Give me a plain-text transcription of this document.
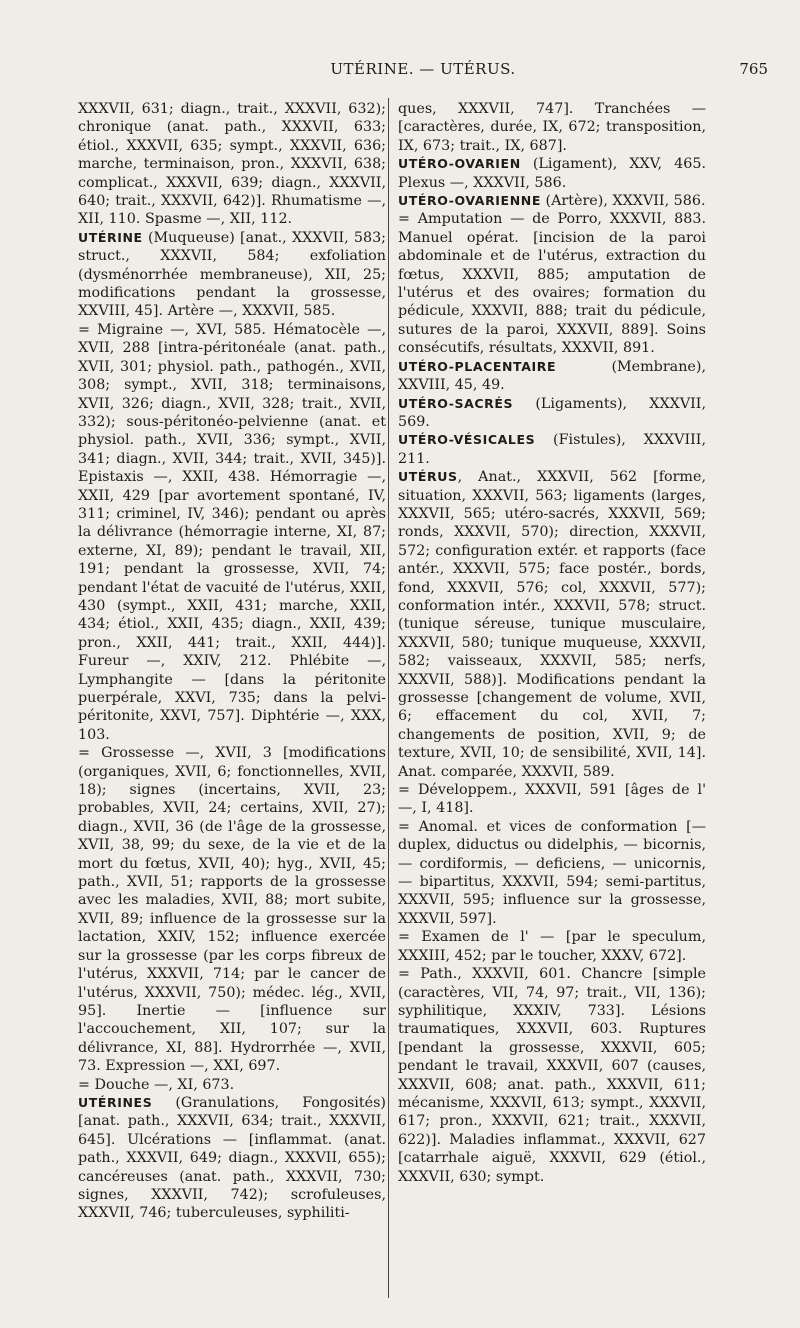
UTÉRINE. — UTÉRUS.	765

XXXVII, 631; diagn., trait., XXXVII, 632); chronique (anat. path., XXXVII, 633; étiol., XXXVII, 635; sympt., XXXVII, 636; marche, terminaison, pron., XXXVII, 638; complicat., XXXVII, 639; diagn., XXXVII, 640; trait., XXXVII, 642)]. Rhumatisme —, XII, 110. Spasme —, XII, 112.

UTÉRINE (Muqueuse) [anat., XXXVII, 583; struct., XXXVII, 584; exfoliation (dysménorrhée membraneuse), XII, 25; modifications pendant la grossesse, XXVIII, 45]. Artère —, XXXVII, 585.

= Migraine —, XVI, 585. Hématocèle —, XVII, 288 [intra-péritonéale (anat. path., XVII, 301; physiol. path., pathogén., XVII, 308; sympt., XVII, 318; terminaisons, XVII, 326; diagn., XVII, 328; trait., XVII, 332); sous-péritonéo-pelvienne (anat. et physiol. path., XVII, 336; sympt., XVII, 341; diagn., XVII, 344; trait., XVII, 345)]. Epistaxis —, XXII, 438. Hémorragie —, XXII, 429 [par avortement spontané, IV, 311; criminel, IV, 346); pendant ou après la délivrance (hémorragie interne, XI, 87; externe, XI, 89); pendant le travail, XII, 191; pendant la grossesse, XVII, 74; pendant l'état de vacuité de l'utérus, XXII, 430 (sympt., XXII, 431; marche, XXII, 434; étiol., XXII, 435; diagn., XXII, 439; pron., XXII, 441; trait., XXII, 444)]. Fureur —, XXIV, 212. Phlébite —, Lymphangite — [dans la péritonite puerpérale, XXVI, 735; dans la pelvi-péritonite, XXVI, 757]. Diphtérie —, XXX, 103.

= Grossesse —, XVII, 3 [modifications (organiques, XVII, 6; fonctionnelles, XVII, 18); signes (incertains, XVII, 23; probables, XVII, 24; certains, XVII, 27); diagn., XVII, 36 (de l'âge de la grossesse, XVII, 38, 99; du sexe, de la vie et de la mort du fœtus, XVII, 40); hyg., XVII, 45; path., XVII, 51; rapports de la grossesse avec les maladies, XVII, 88; mort subite, XVII, 89; influence de la grossesse sur la lactation, XXIV, 152; influence exercée sur la grossesse (par les corps fibreux de l'utérus, XXXVII, 714; par le cancer de l'utérus, XXXVII, 750); médec. lég., XVII, 95]. Inertie — [influence sur l'accouchement, XII, 107; sur la délivrance, XI, 88]. Hydrorrhée —, XVII, 73. Expression —, XXI, 697.

= Douche —, XI, 673.

UTÉRINES (Granulations, Fongosités) [anat. path., XXXVII, 634; trait., XXXVII, 645]. Ulcérations — [inflammat. (anat. path., XXXVII, 649; diagn., XXXVII, 655); cancéreuses (anat. path., XXXVII, 730; signes, XXXVII, 742); scrofuleuses, XXXVII, 746; tuberculeuses, syphiliti-

ques, XXXVII, 747]. Tranchées — [caractères, durée, IX, 672; transposition, IX, 673; trait., IX, 687].

UTÉRO-OVARIEN (Ligament), XXV, 465. Plexus —, XXXVII, 586.

UTÉRO-OVARIENNE (Artère), XXXVII, 586.

= Amputation — de Porro, XXXVII, 883. Manuel opérat. [incision de la paroi abdominale et de l'utérus, extraction du fœtus, XXXVII, 885; amputation de l'utérus et des ovaires; formation du pédicule, XXXVII, 888; trait du pédicule, sutures de la paroi, XXXVII, 889]. Soins consécutifs, résultats, XXXVII, 891.

UTÉRO-PLACENTAIRE (Membrane), XXVIII, 45, 49.

UTÉRO-SACRÉS (Ligaments), XXXVII, 569.

UTÉRO-VÉSICALES (Fistules), XXXVIII, 211.

UTÉRUS, Anat., XXXVII, 562 [forme, situation, XXXVII, 563; ligaments (larges, XXXVII, 565; utéro-sacrés, XXXVII, 569; ronds, XXXVII, 570); direction, XXXVII, 572; configuration extér. et rapports (face antér., XXXVII, 575; face postér., bords, fond, XXXVII, 576; col, XXXVII, 577); conformation intér., XXXVII, 578; struct. (tunique séreuse, tunique musculaire, XXXVII, 580; tunique muqueuse, XXXVII, 582; vaisseaux, XXXVII, 585; nerfs, XXXVII, 588)]. Modifications pendant la grossesse [changement de volume, XVII, 6; effacement du col, XVII, 7; changements de position, XVII, 9; de texture, XVII, 10; de sensibilité, XVII, 14]. Anat. comparée, XXXVII, 589.

= Développem., XXXVII, 591 [âges de l' —, I, 418].

= Anomal. et vices de conformation [— duplex, diductus ou didelphis, — bicornis, — cordiformis, — deficiens, — unicornis, — bipartitus, XXXVII, 594; semi-partitus, XXXVII, 595; influence sur la grossesse, XXXVII, 597].

= Examen de l' — [par le speculum, XXXIII, 452; par le toucher, XXXV, 672].

= Path., XXXVII, 601. Chancre [simple (caractères, VII, 74, 97; trait., VII, 136); syphilitique, XXXIV, 733]. Lésions traumatiques, XXXVII, 603. Ruptures [pendant la grossesse, XXXVII, 605; pendant le travail, XXXVII, 607 (causes, XXXVII, 608; anat. path., XXXVII, 611; mécanisme, XXXVII, 613; sympt., XXXVII, 617; pron., XXXVII, 621; trait., XXXVII, 622)]. Maladies inflammat., XXXVII, 627 [catarrhale aiguë, XXXVII, 629 (étiol., XXXVII, 630; sympt.
